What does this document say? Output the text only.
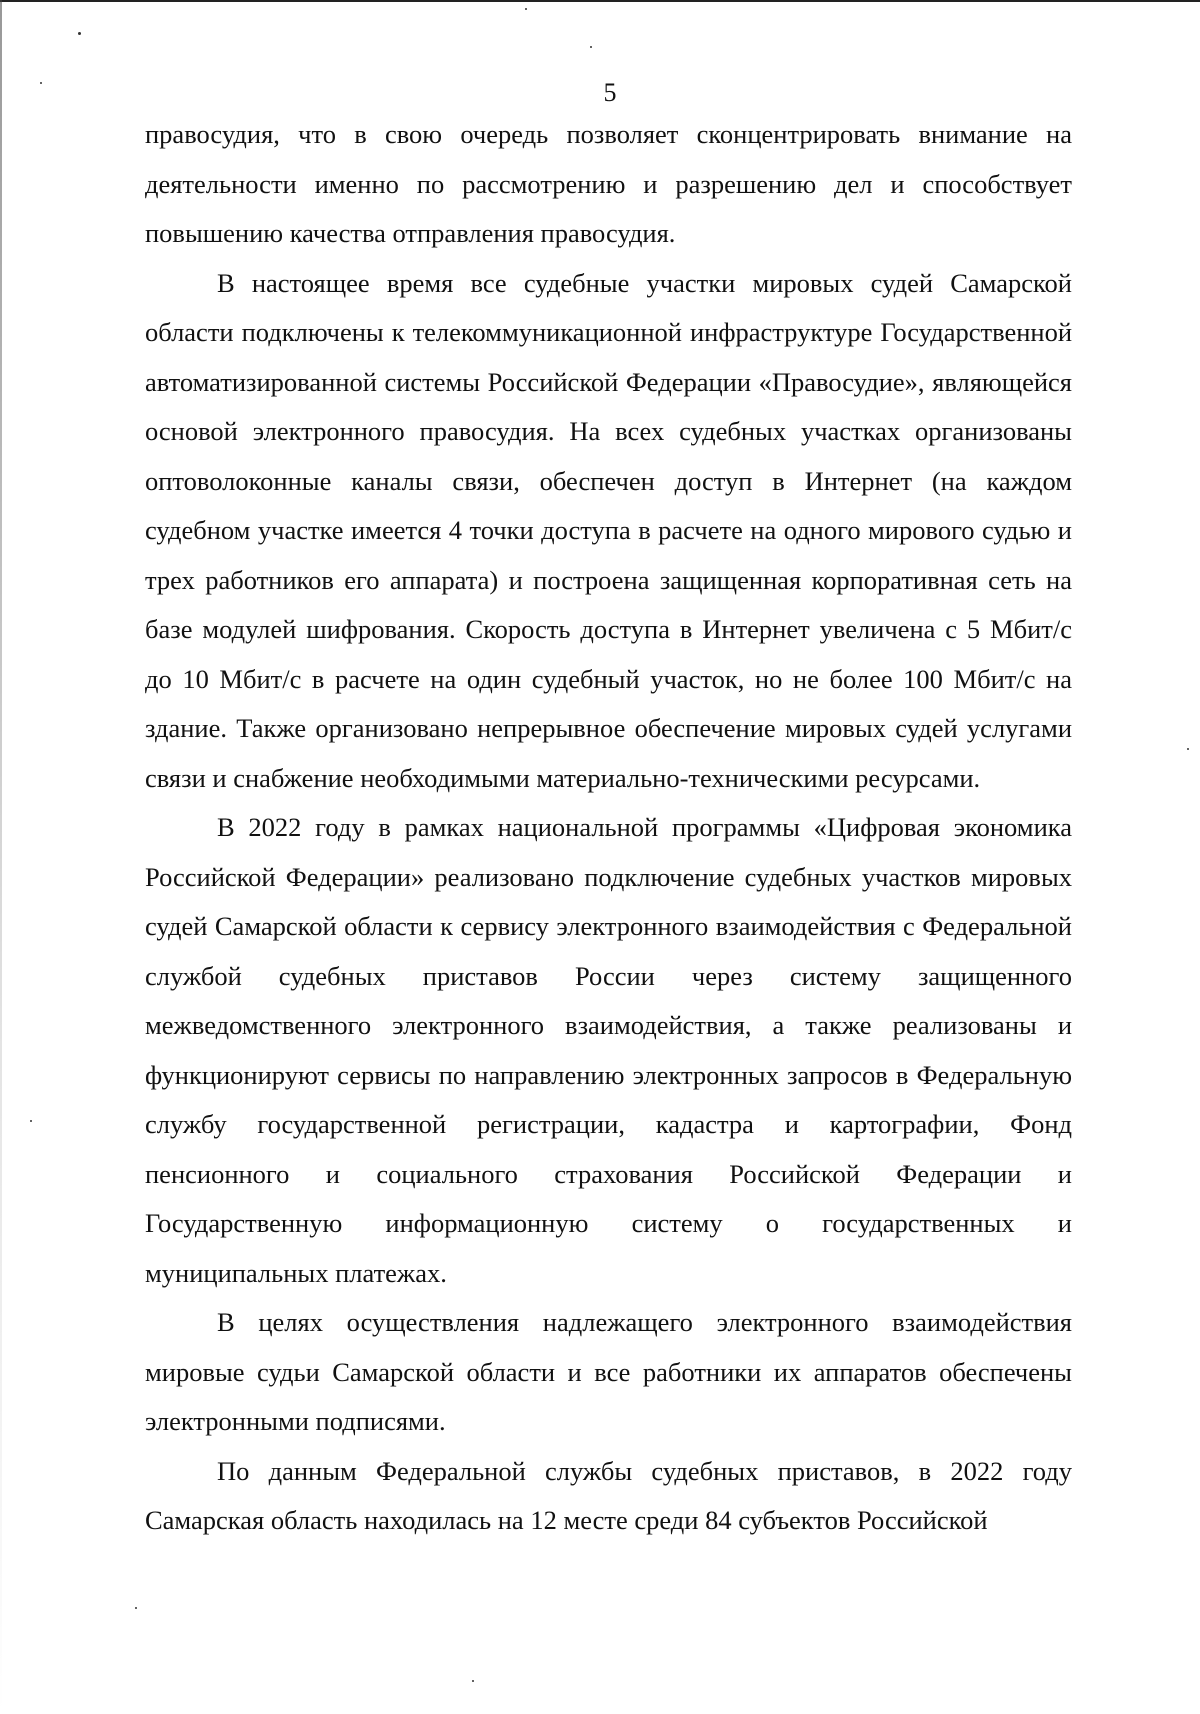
5

правосудия, что в свою очередь позволяет сконцентрировать внимание на деятельности именно по рассмотрению и разрешению дел и способствует повышению качества отправления правосудия.

В настоящее время все судебные участки мировых судей Самарской области подключены к телекоммуникационной инфраструктуре Государственной автоматизированной системы Российской Федерации «Правосудие», являющейся основой электронного правосудия. На всех судебных участках организованы оптоволоконные каналы связи, обеспечен доступ в Интернет (на каждом судебном участке имеется 4 точки доступа в расчете на одного мирового судью и трех работников его аппарата) и построена защищенная корпоративная сеть на базе модулей шифрования. Скорость доступа в Интернет увеличена с 5 Мбит/с до 10 Мбит/с в расчете на один судебный участок, но не более 100 Мбит/с на здание. Также организовано непрерывное обеспечение мировых судей услугами связи и снабжение необходимыми материально-техническими ресурсами.

В 2022 году в рамках национальной программы «Цифровая экономика Российской Федерации» реализовано подключение судебных участков мировых судей Самарской области к сервису электронного взаимодействия с Федеральной службой судебных приставов России через систему защищенного межведомственного электронного взаимодействия, а также реализованы и функционируют сервисы по направлению электронных запросов в Федеральную службу государственной регистрации, кадастра и картографии, Фонд пенсионного и социального страхования Российской Федерации и Государственную информационную систему о государственных и муниципальных платежах.

В целях осуществления надлежащего электронного взаимодействия мировые судьи Самарской области и все работники их аппаратов обеспечены электронными подписями.

По данным Федеральной службы судебных приставов, в 2022 году Самарская область находилась на 12 месте среди 84 субъектов Российской
